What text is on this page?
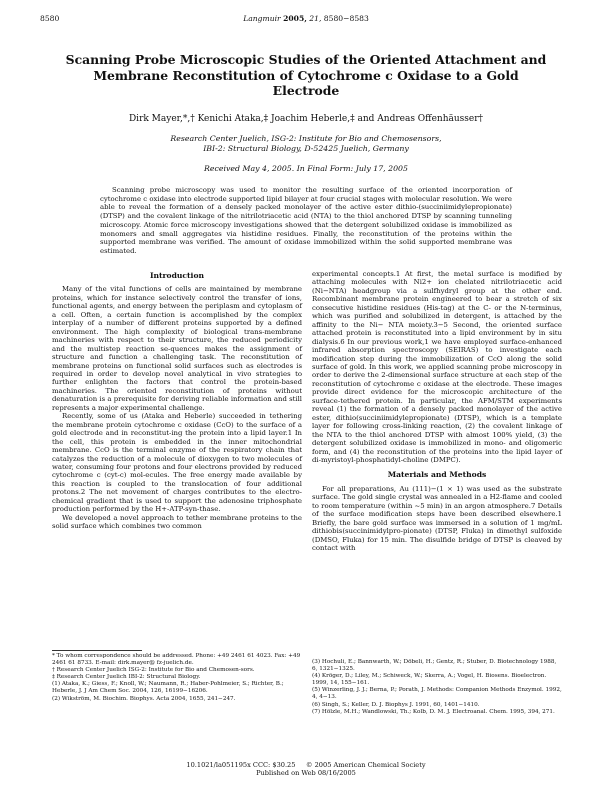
8580	Langmuir 2005, 21, 8580−8583
Scanning Probe Microscopic Studies of the Oriented Attachment and Membrane Reconstitution of Cytochrome c Oxidase to a Gold Electrode
Dirk Mayer,*,† Kenichi Ataka,‡ Joachim Heberle,‡ and Andreas Offenhäusser†
Research Center Juelich, ISG-2: Institute for Bio and Chemosensors,
IBI-2: Structural Biology, D-52425 Juelich, Germany
Received May 4, 2005. In Final Form: July 17, 2005
Scanning probe microscopy was used to monitor the resulting surface of the oriented incorporation of cytochrome c oxidase into electrode supported lipid bilayer at four crucial stages with molecular resolution. We were able to reveal the formation of a densely packed monolayer of the active ester dithio-(succiniimidylepropionate) (DTSP) and the covalent linkage of the nitrilotriacetic acid (NTA) to the thiol anchored DTSP by scanning tunneling microscopy. Atomic force microscopy investigations showed that the detergent solubilized oxidase is immobilized as monomers and small aggregates via histidine residues. Finally, the reconstitution of the proteins within the supported membrane was verified. The amount of oxidase immobilized within the solid supported membrane was estimated.
Introduction

Many of the vital functions of cells are maintained by membrane proteins, which for instance selectively control the transfer of ions, functional agents, and energy between the periplasm and cytoplasm of a cell. Often, a certain function is accomplished by the complex interplay of a number of different proteins supported by a defined environment. The high complexity of biological trans-membrane machineries with respect to their structure, the reduced periodicity and the multistep reaction se-quences makes the assignment of structure and function a challenging task. The reconstitution of membrane proteins on functional solid surfaces such as electrodes is required in order to develop novel analytical in vivo strategies to further enlighten the factors that control the protein-based machineries. The oriented reconstitution of proteins without denaturation is a prerequisite for deriving reliable information and still represents a major experimental challenge.

Recently, some of us (Ataka and Heberle) succeeded in tethering the membrane protein cytochrome c oxidase (CcO) to the surface of a gold electrode and in reconstitut-ing the protein into a lipid layer.1 In the cell, this protein is embedded in the inner mitochondrial membrane. CcO is the terminal enzyme of the respiratory chain that catalyzes the reduction of a molecule of dioxygen to two molecules of water, consuming four protons and four electrons provided by reduced cytochrome c (cyt-c) mol-ecules. The free energy made available by this reaction is coupled to the translocation of four additional protons.2 The net movement of charges contributes to the electro-chemical gradient that is used to support the adenosine triphosphate production performed by the H+-ATP-syn-thase.

We developed a novel approach to tether membrane proteins to the solid surface which combines two common

experimental concepts.1 At first, the metal surface is modified by attaching molecules with Ni2+ ion chelated nitrilotriacetic acid (Ni−NTA) headgroup via a sulfhydryl group at the other end. Recombinant membrane protein engineered to bear a stretch of six consecutive histidine residues (His-tag) at the C- or the N-terminus, which was purified and solubilized in detergent, is attached by the affinity to the Ni− NTA moiety.3−5 Second, the oriented surface attached protein is reconstituted into a lipid environment by in situ dialysis.6 In our previous work,1 we have employed surface-enhanced infrared absorption spectroscopy (SEIRAS) to investigate each modification step during the immobilization of CcO along the solid surface of gold. In this work, we applied scanning probe microscopy in order to derive the 2-dimensional surface structure at each step of the reconstitution of cytochrome c oxidase at the electrode. These images provide direct evidence for the microscopic architecture of the surface-tethered protein. In particular, the AFM/STM experiments reveal (1) the formation of a densely packed monolayer of the active ester, dithio(succiniimidylepropionate) (DTSP), which is a template layer for following cross-linking reaction, (2) the covalent linkage of the NTA to the thiol anchored DTSP with almost 100% yield, (3) the detergent solubilized oxidase is immobilized in mono- and oligomeric form, and (4) the reconstitution of the proteins into the lipid layer of di-myristoyl-phosphatidyl-choline (DMPC).

Materials and Methods

For all preparations, Au (111)−(1 × 1) was used as the substrate surface. The gold single crystal was annealed in a H2-flame and cooled to room temperature (within ~5 min) in an argon atmosphere.7 Details of the surface modification steps have been described elsewhere.1 Briefly, the bare gold surface was immersed in a solution of 1 mg/mL dithiobis(succinimidylpro-pionate) (DTSP, Fluka) in dimethyl sulfoxide (DMSO, Fluka) for 15 min. The disulfide bridge of DTSP is cleaved by contact with

* To whom correspondence should be addressed. Phone: +49 2461 61 4023. Fax: +49 2461 61 8733. E-mail: dirk.mayer@ fz-juelich.de.
† Research Center Juelich ISG-2: Institute for Bio and Chemosen-sors.
‡ Research Center Juelich IBI-2: Structural Biology.
(1) Ataka, K.; Giess, F.; Knoll, W.; Naumann, R.; Haber-Pohlmeier, S.; Richter, B.; Heberle, J. J Am Chem Soc. 2004, 126, 16199−16206.
(2) Wikström, M. Biochim. Biophys. Acta 2004, 1655, 241−247.
(3) Hochuli, E.; Bannwarth, W.; Döbeli, H.; Gentz, R.; Stuber, D. Biotechnology 1988, 6, 1321−1325.
(4) Kröger, D.; Liley, M.; Schiweck, W.; Skerra, A.; Vogel, H. Biosens. Bioelectron. 1999, 14, 155−161.
(5) Winzerling, J. J.; Berna, P.; Porath, J. Methods: Companion Methods Enzymol. 1992, 4, 4−13.
(6) Singh, S.; Keller, D. J. Biophys J. 1991, 60, 1401−1410.
(7) Hölzle, M.H.; Wandlowski, Th.; Kolb, D. M. J. Electroanal. Chem. 1995, 394, 271.
10.1021/la051195x CCC: $30.25     © 2005 American Chemical Society
Published on Web 08/16/2005
